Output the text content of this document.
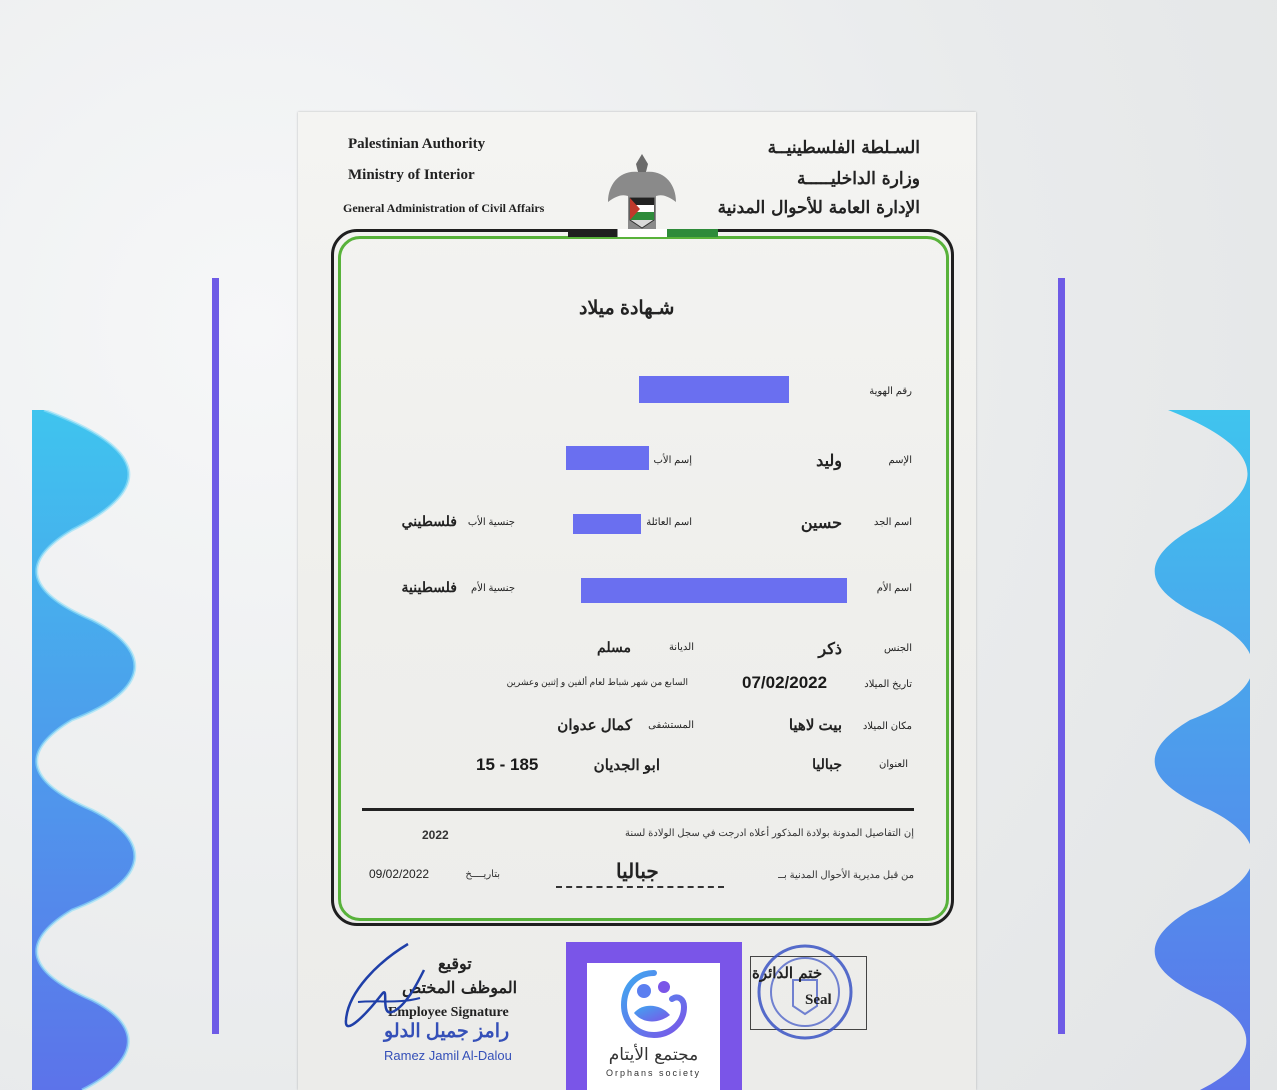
Palestinian Authority
Ministry of Interior
General Administration of Civil Affairs
السـلطة الفلسطينيــة
وزارة الداخليـــــة
الإدارة العامة للأحوال المدنية
شـهادة ميلاد
رقم الهوية
الإسم
وليد
إسم الأب
اسم الجد
حسين
اسم العائلة
جنسية الأب
فلسطيني
اسم الأم
جنسية الأم
فلسطينية
الجنس
ذكر
الديانة
مسلم
تاريخ الميلاد
07/02/2022
السابع من شهر شباط لعام ألفين و إثنين وعشرين
مكان الميلاد
بيت لاهيا
المستشفى
كمال عدوان
العنوان
جباليا
ابو الجديان
15 - 185
إن التفاصيل المدونة بولادة المذكور أعلاه ادرجت في سجل الولادة لسنة
2022
من قبل مديرية الأحوال المدنية بــ
جباليا
بتاريــــخ
09/02/2022
توقيع
الموظف المختص
Employee Signature
رامز جميل الدلو
Ramez Jamil Al-Dalou
ختم الدائرة
Seal
مجتمع الأيتام
Orphans society
